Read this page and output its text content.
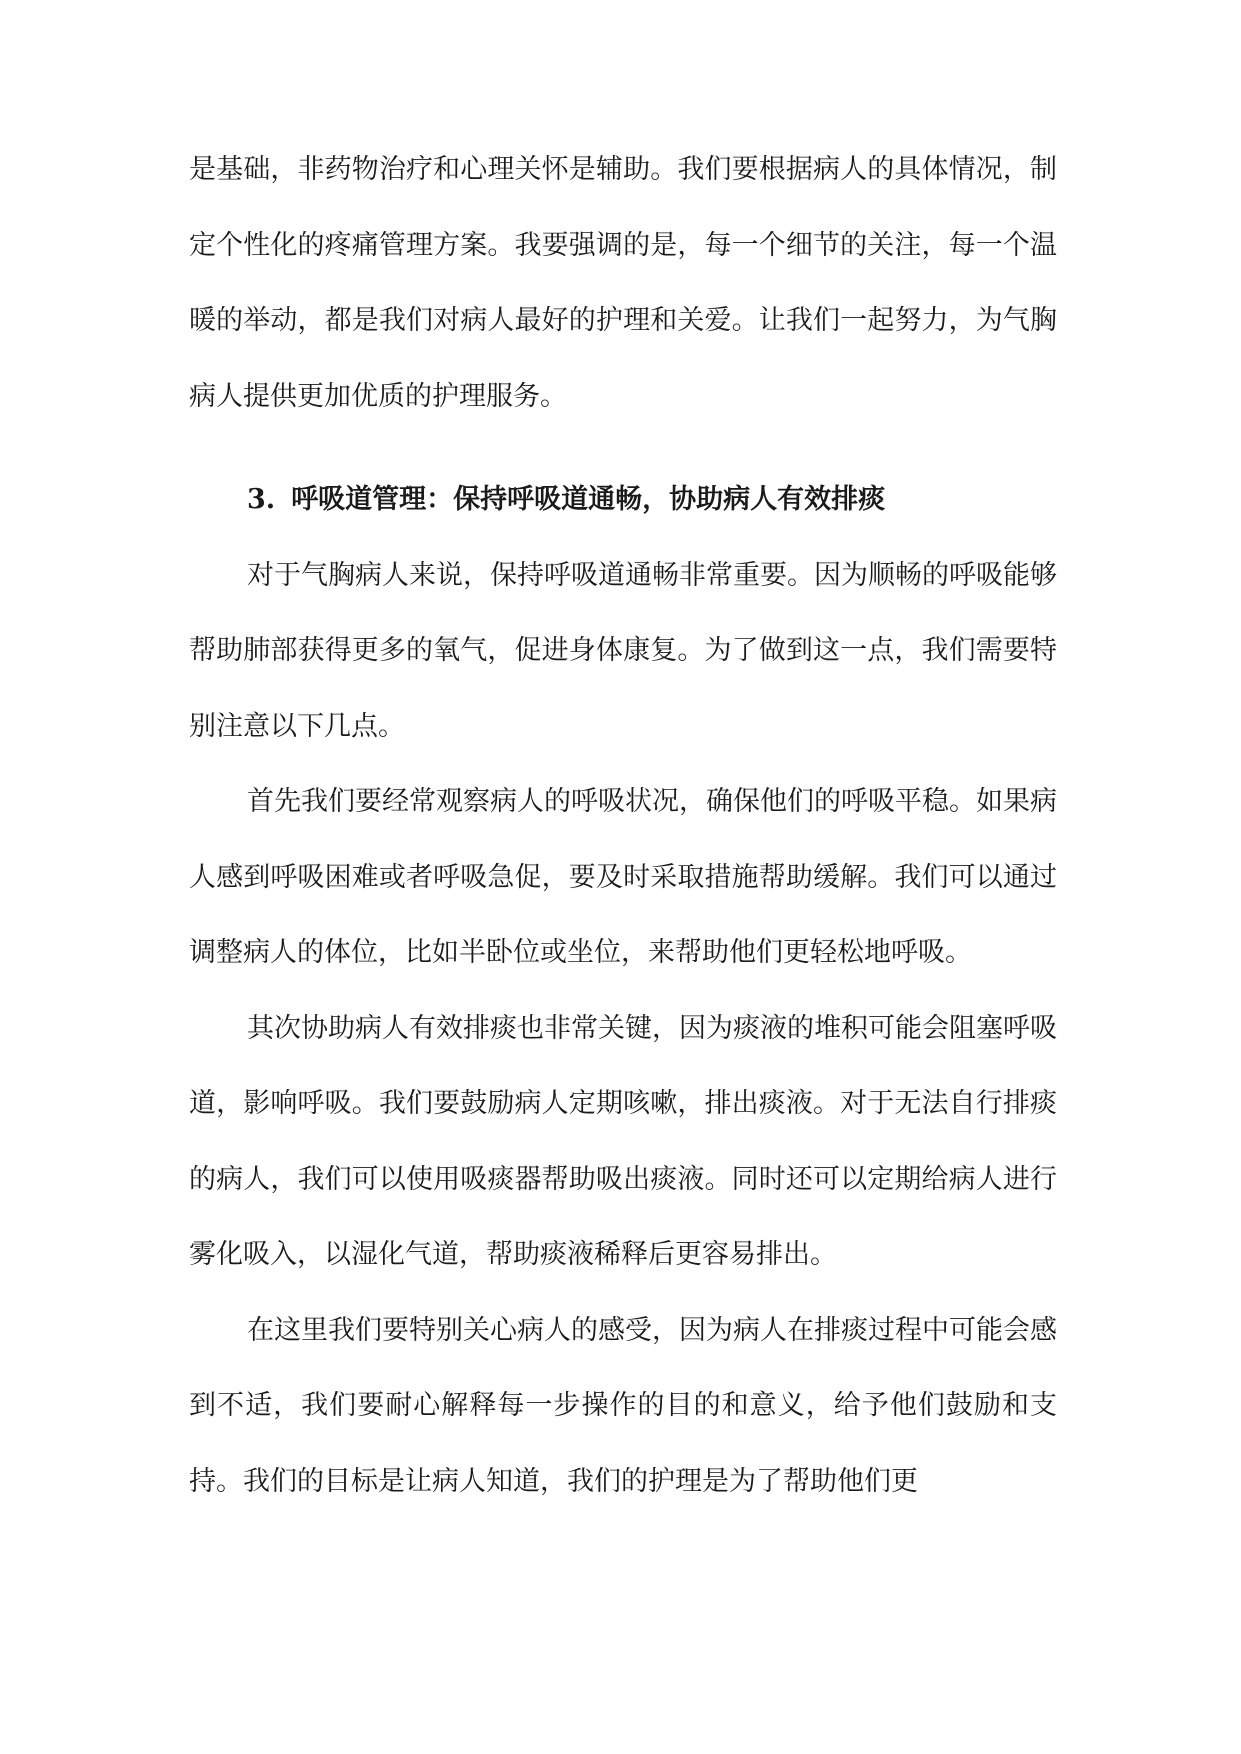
是基础，非药物治疗和心理关怀是辅助。我们要根据病人的具体情况，制定个性化的疼痛管理方案。我要强调的是，每一个细节的关注，每一个温暖的举动，都是我们对病人最好的护理和关爱。让我们一起努力，为气胸病人提供更加优质的护理服务。

3. 呼吸道管理：保持呼吸道通畅，协助病人有效排痰

对于气胸病人来说，保持呼吸道通畅非常重要。因为顺畅的呼吸能够帮助肺部获得更多的氧气，促进身体康复。为了做到这一点，我们需要特别注意以下几点。

首先我们要经常观察病人的呼吸状况，确保他们的呼吸平稳。如果病人感到呼吸困难或者呼吸急促，要及时采取措施帮助缓解。我们可以通过调整病人的体位，比如半卧位或坐位，来帮助他们更轻松地呼吸。

其次协助病人有效排痰也非常关键，因为痰液的堆积可能会阻塞呼吸道，影响呼吸。我们要鼓励病人定期咳嗽，排出痰液。对于无法自行排痰的病人，我们可以使用吸痰器帮助吸出痰液。同时还可以定期给病人进行雾化吸入，以湿化气道，帮助痰液稀释后更容易排出。

在这里我们要特别关心病人的感受，因为病人在排痰过程中可能会感到不适，我们要耐心解释每一步操作的目的和意义，给予他们鼓励和支持。我们的目标是让病人知道，我们的护理是为了帮助他们更
